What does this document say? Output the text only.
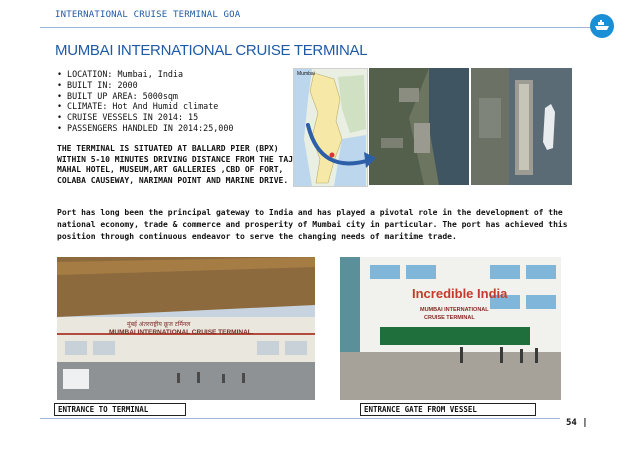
INTERNATIONAL CRUISE TERMINAL GOA
MUMBAI INTERNATIONAL CRUISE TERMINAL
• LOCATION: Mumbai, India
• BUILT IN: 2000
• BUILT UP AREA: 5000sqm
• CLIMATE: Hot And Humid climate
• CRUISE VESSELS IN 2014: 15
• PASSENGERS HANDLED IN 2014:25,000
THE TERMINAL IS SITUATED AT BALLARD PIER (BPX) WITHIN 5-10 MINUTES DRIVING DISTANCE FROM THE TAJ MAHAL HOTEL, MUSEUM,ART GALLERIES ,CBD OF FORT, COLABA CAUSEWAY, NARIMAN POINT AND MARINE DRIVE.
Mumbai
Port has long been the principal gateway to India and has played a pivotal role in the development of the national economy, trade & commerce and prosperity of Mumbai city in particular. The port has achieved this position through continuous endeavor to serve the changing needs of maritime trade.
मुंबई अंतरराष्ट्रीय क्रूज टर्मिनल
MUMBAI INTERNATIONAL CRUISE TERMINAL.
Incredible India
MUMBAI INTERNATIONAL
CRUISE TERMINAL
ENTRANCE TO TERMINAL	ENTRANCE GATE FROM VESSEL
54 |
